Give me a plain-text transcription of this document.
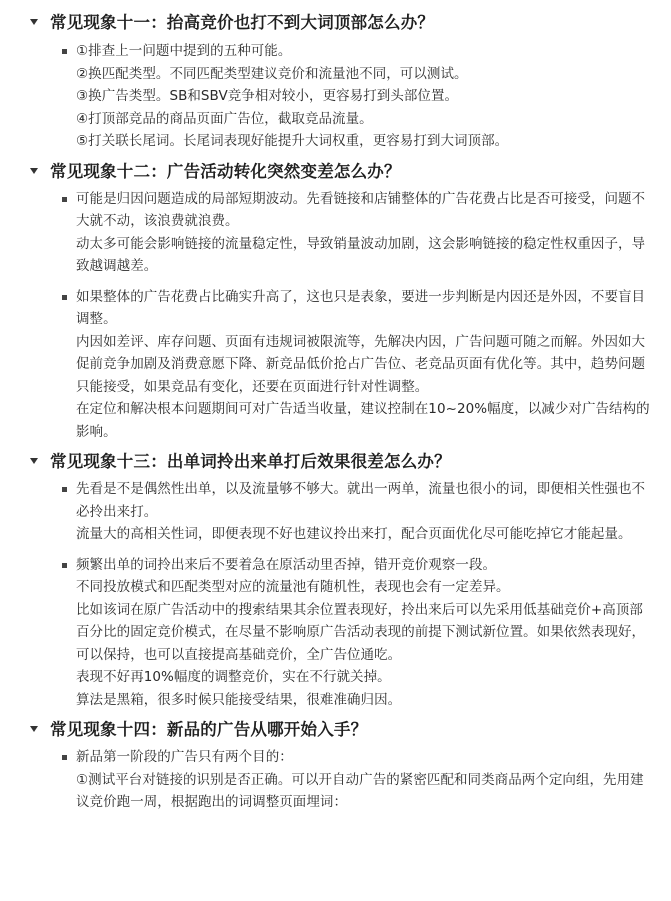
常见现象十一：抬高竞价也打不到大词顶部怎么办？

①排查上一问题中提到的五种可能。

②换匹配类型。不同匹配类型建议竞价和流量池不同，可以测试。

③换广告类型。SB和SBV竞争相对较小，更容易打到头部位置。

④打顶部竞品的商品页面广告位，截取竞品流量。

⑤打关联长尾词。长尾词表现好能提升大词权重，更容易打到大词顶部。

常见现象十二：广告活动转化突然变差怎么办？

可能是归因问题造成的局部短期波动。先看链接和店铺整体的广告花费占比是否可接受，问题不大就不动，该浪费就浪费。

动太多可能会影响链接的流量稳定性，导致销量波动加剧，这会影响链接的稳定性权重因子，导致越调越差。

如果整体的广告花费占比确实升高了，这也只是表象，要进一步判断是内因还是外因，不要盲目调整。

内因如差评、库存问题、页面有违规词被限流等，先解决内因，广告问题可随之而解。外因如大促前竞争加剧及消费意愿下降、新竞品低价抢占广告位、老竞品页面有优化等。其中，趋势问题只能接受，如果竞品有变化，还要在页面进行针对性调整。

在定位和解决根本问题期间可对广告适当收量，建议控制在10~20%幅度，以减少对广告结构的影响。

常见现象十三：出单词拎出来单打后效果很差怎么办？

先看是不是偶然性出单，以及流量够不够大。就出一两单，流量也很小的词，即便相关性强也不必拎出来打。

流量大的高相关性词，即便表现不好也建议拎出来打，配合页面优化尽可能吃掉它才能起量。

频繁出单的词拎出来后不要着急在原活动里否掉，错开竞价观察一段。

不同投放模式和匹配类型对应的流量池有随机性，表现也会有一定差异。

比如该词在原广告活动中的搜索结果其余位置表现好，拎出来后可以先采用低基础竞价+高顶部百分比的固定竞价模式，在尽量不影响原广告活动表现的前提下测试新位置。如果依然表现好，可以保持，也可以直接提高基础竞价，全广告位通吃。

表现不好再10%幅度的调整竞价，实在不行就关掉。

算法是黑箱，很多时候只能接受结果，很难准确归因。

常见现象十四：新品的广告从哪开始入手？

新品第一阶段的广告只有两个目的：

①测试平台对链接的识别是否正确。可以开自动广告的紧密匹配和同类商品两个定向组，先用建议竞价跑一周，根据跑出的词调整页面埋词：
